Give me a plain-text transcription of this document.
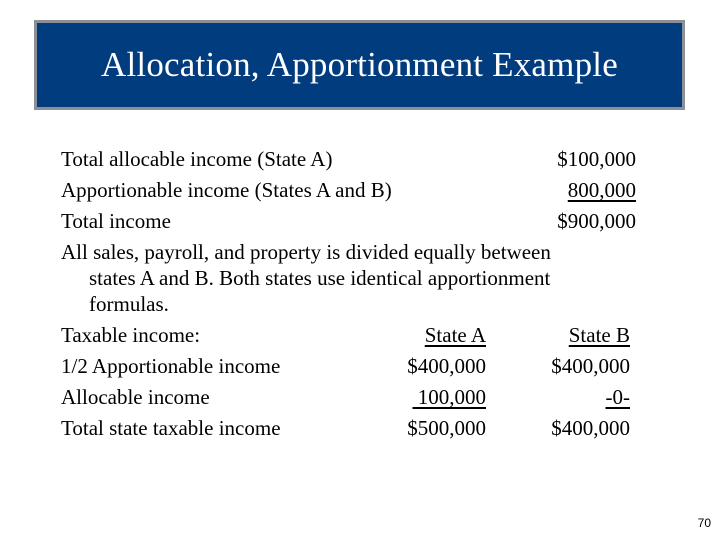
Allocation, Apportionment Example
Total allocable income (State A)	$100,000
Apportionable income (States A and B)	800,000
Total income	$900,000
All sales, payroll, and property is divided equally between
states A and B. Both states use identical apportionment
formulas.
Taxable income:	State A	State B
1/2 Apportionable income	$400,000	$400,000
Allocable income	100,000	-0-
Total state taxable income	$500,000	$400,000
70
